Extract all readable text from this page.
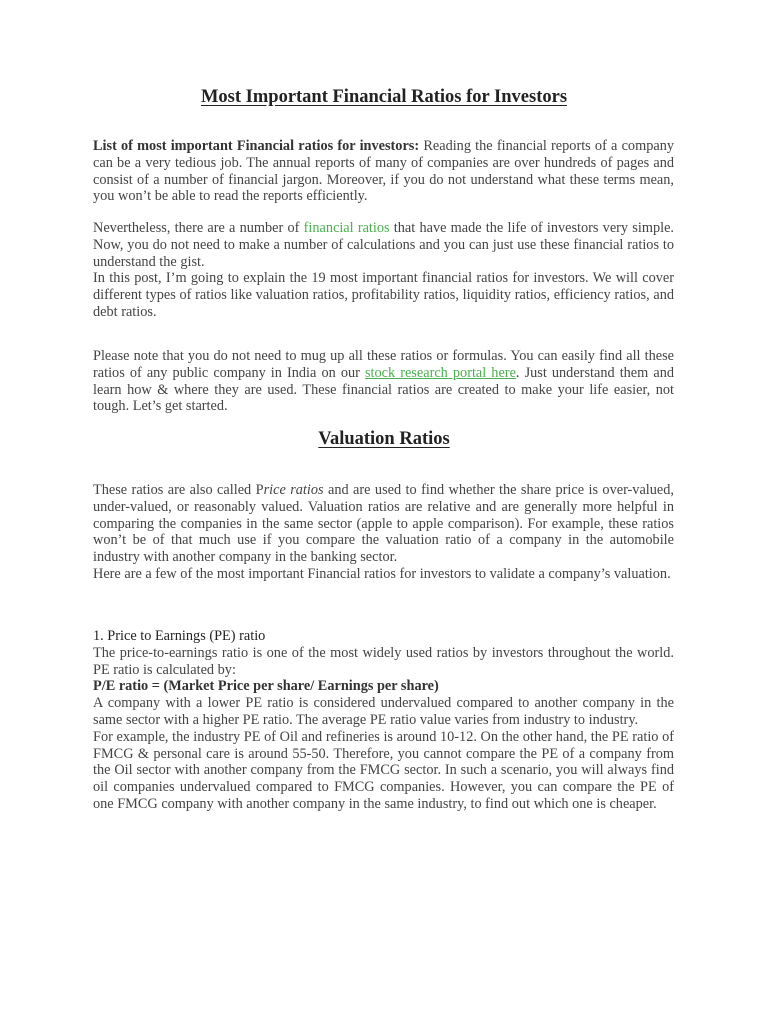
Most Important Financial Ratios for Investors

List of most important Financial ratios for investors: Reading the financial reports of a company can be a very tedious job. The annual reports of many of companies are over hundreds of pages and consist of a number of financial jargon. Moreover, if you do not understand what these terms mean, you won’t be able to read the reports efficiently.

Nevertheless, there are a number of financial ratios that have made the life of investors very simple. Now, you do not need to make a number of calculations and you can just use these financial ratios to understand the gist.

In this post, I’m going to explain the 19 most important financial ratios for investors. We will cover different types of ratios like valuation ratios, profitability ratios, liquidity ratios, efficiency ratios, and debt ratios.

Please note that you do not need to mug up all these ratios or formulas. You can easily find all these ratios of any public company in India on our stock research portal here. Just understand them and learn how & where they are used. These financial ratios are created to make your life easier, not tough. Let’s get started.

Valuation Ratios

These ratios are also called Price ratios and are used to find whether the share price is over-valued, under-valued, or reasonably valued. Valuation ratios are relative and are generally more helpful in comparing the companies in the same sector (apple to apple comparison). For example, these ratios won’t be of that much use if you compare the valuation ratio of a company in the automobile industry with another company in the banking sector.

Here are a few of the most important Financial ratios for investors to validate a company’s valuation.

1. Price to Earnings (PE) ratio

The price-to-earnings ratio is one of the most widely used ratios by investors throughout the world. PE ratio is calculated by:

P/E ratio = (Market Price per share/ Earnings per share)

A company with a lower PE ratio is considered undervalued compared to another company in the same sector with a higher PE ratio. The average PE ratio value varies from industry to industry.

For example, the industry PE of Oil and refineries is around 10-12. On the other hand, the PE ratio of FMCG & personal care is around 55-50. Therefore, you cannot compare the PE of a company from the Oil sector with another company from the FMCG sector. In such a scenario, you will always find oil companies undervalued compared to FMCG companies. However, you can compare the PE of one FMCG company with another company in the same industry, to find out which one is cheaper.
